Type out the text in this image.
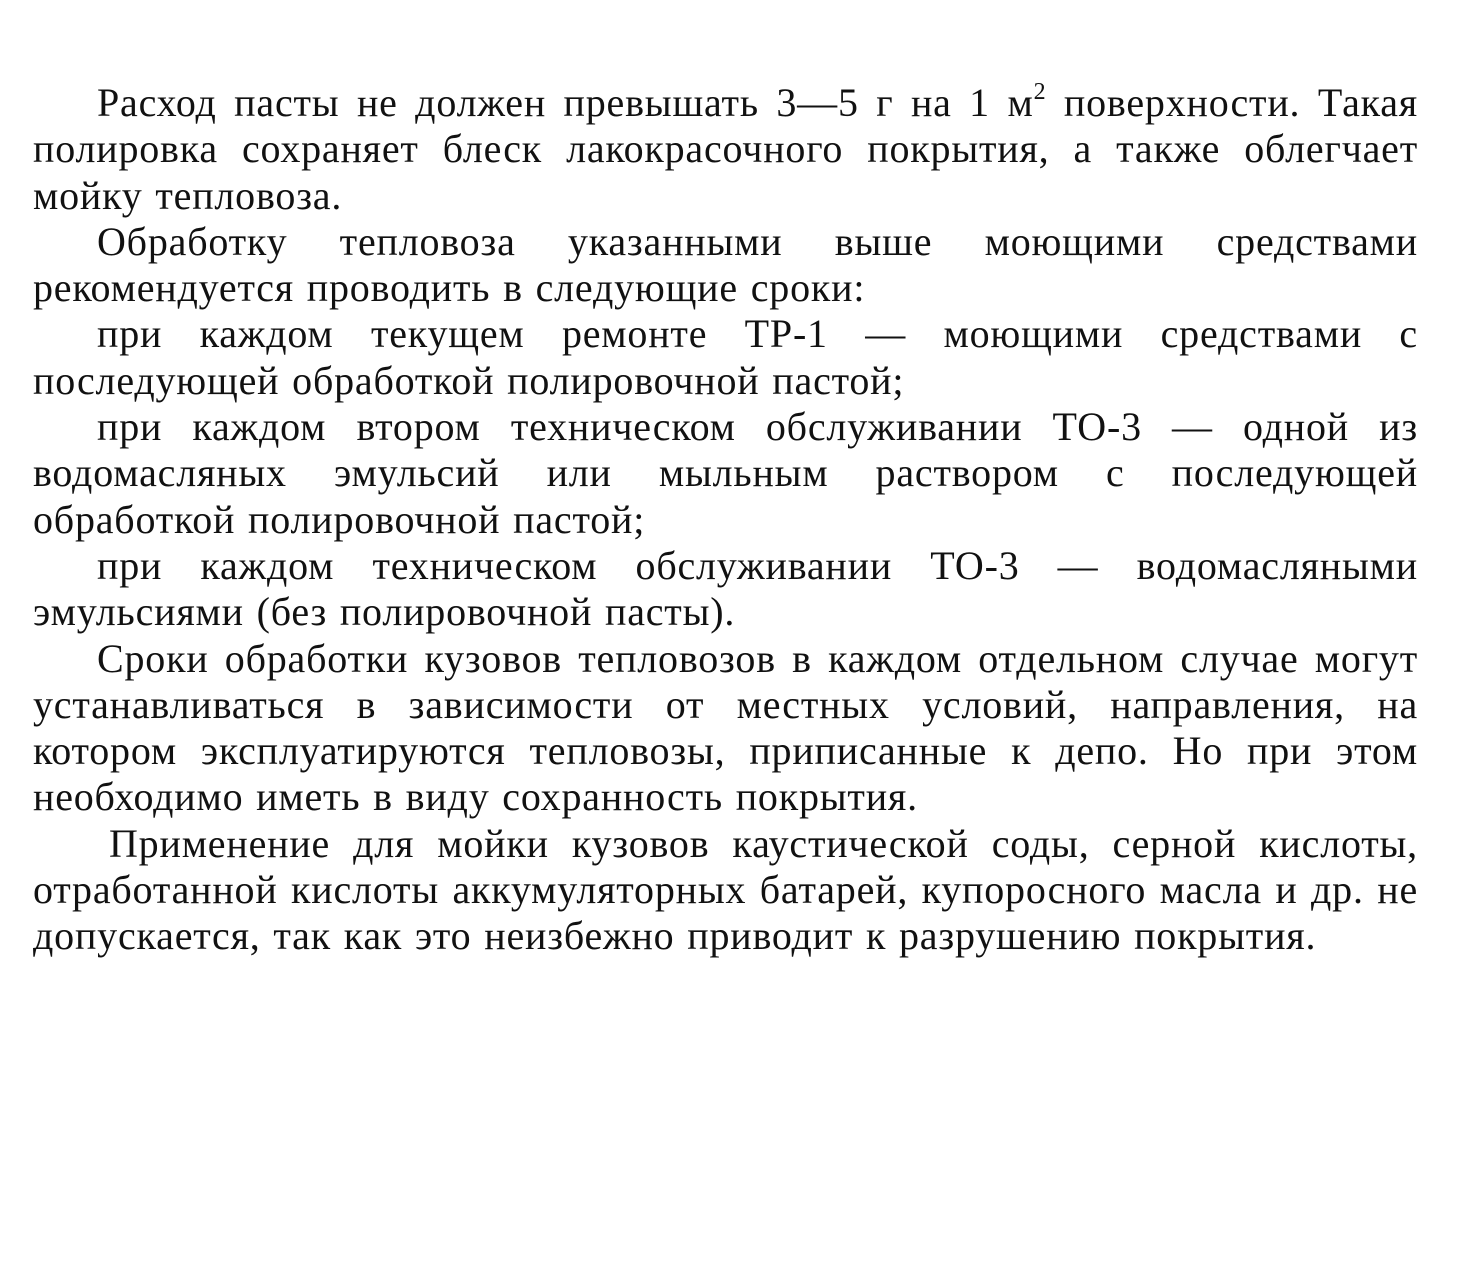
Расход пасты не должен превышать 3—5 г на 1 $м^2$ поверхности. Такая полировка сохраняет блеск лакокрасочного покрытия, а также облегчает мойку тепловоза.

Обработку тепловоза указанными выше моющими средствами рекомендуется проводить в следующие сроки:

при каждом текущем ремонте ТР-1 — моющими средствами с последующей обработкой полировочной пастой;

при каждом втором техническом обслуживании ТО-3 — одной из водомасляных эмульсий или мыльным раствором с последующей обработкой полировочной пастой;

при каждом техническом обслуживании ТО-3 — водомасляными эмульсиями (без полировочной пасты).

Сроки обработки кузовов тепловозов в каждом отдельном случае могут устанавливаться в зависимости от местных условий, направления, на котором эксплуатируются тепловозы, приписанные к депо. Но при этом необходимо иметь в виду сохранность покрытия.

Применение для мойки кузовов каустической соды, серной кислоты, отработанной кислоты аккумуляторных батарей, купоросного масла и др. не допускается, так как это неизбежно приводит к разрушению покрытия.
